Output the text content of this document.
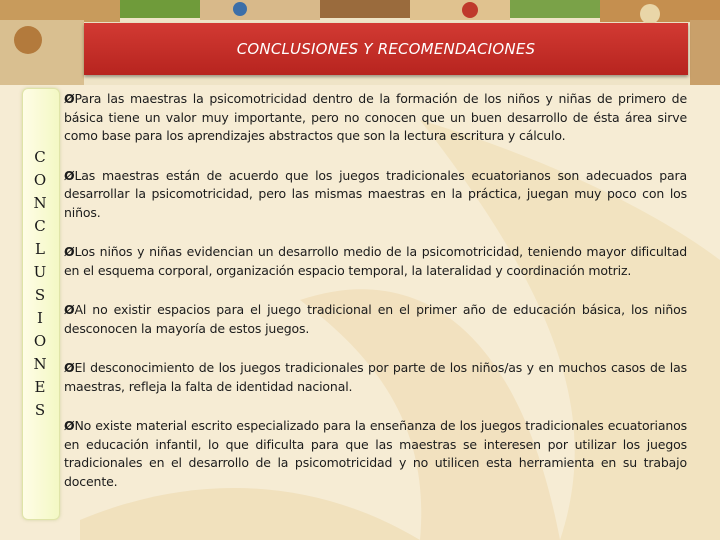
CONCLUSIONES Y RECOMENDACIONES
C
O
N
C
L
U
S
I
O
N
E
S

ØPara las maestras la psicomotricidad dentro de la formación de los niños y niñas de primero de básica tiene un valor muy importante, pero no conocen que un buen desarrollo de ésta área sirve como base para los aprendizajes abstractos que son la lectura escritura y cálculo.

ØLas maestras están de acuerdo que los juegos tradicionales ecuatorianos son adecuados para desarrollar la psicomotricidad, pero las mismas maestras en la práctica, juegan muy poco con los niños.

ØLos niños y niñas evidencian un desarrollo medio de la psicomotricidad, teniendo mayor dificultad en el esquema corporal, organización espacio temporal, la lateralidad y coordinación motriz.

ØAl no existir espacios para el juego tradicional en el primer año de educación básica, los niños desconocen la mayoría de estos juegos.

ØEl desconocimiento de los juegos tradicionales por parte de los niños/as y en muchos casos de las maestras, refleja la falta de identidad nacional.

ØNo existe material escrito especializado para la enseñanza de los juegos tradicionales ecuatorianos en educación infantil, lo que dificulta para que las maestras se interesen por utilizar los juegos tradicionales en el desarrollo de la psicomotricidad y no utilicen esta herramienta en su trabajo docente.
